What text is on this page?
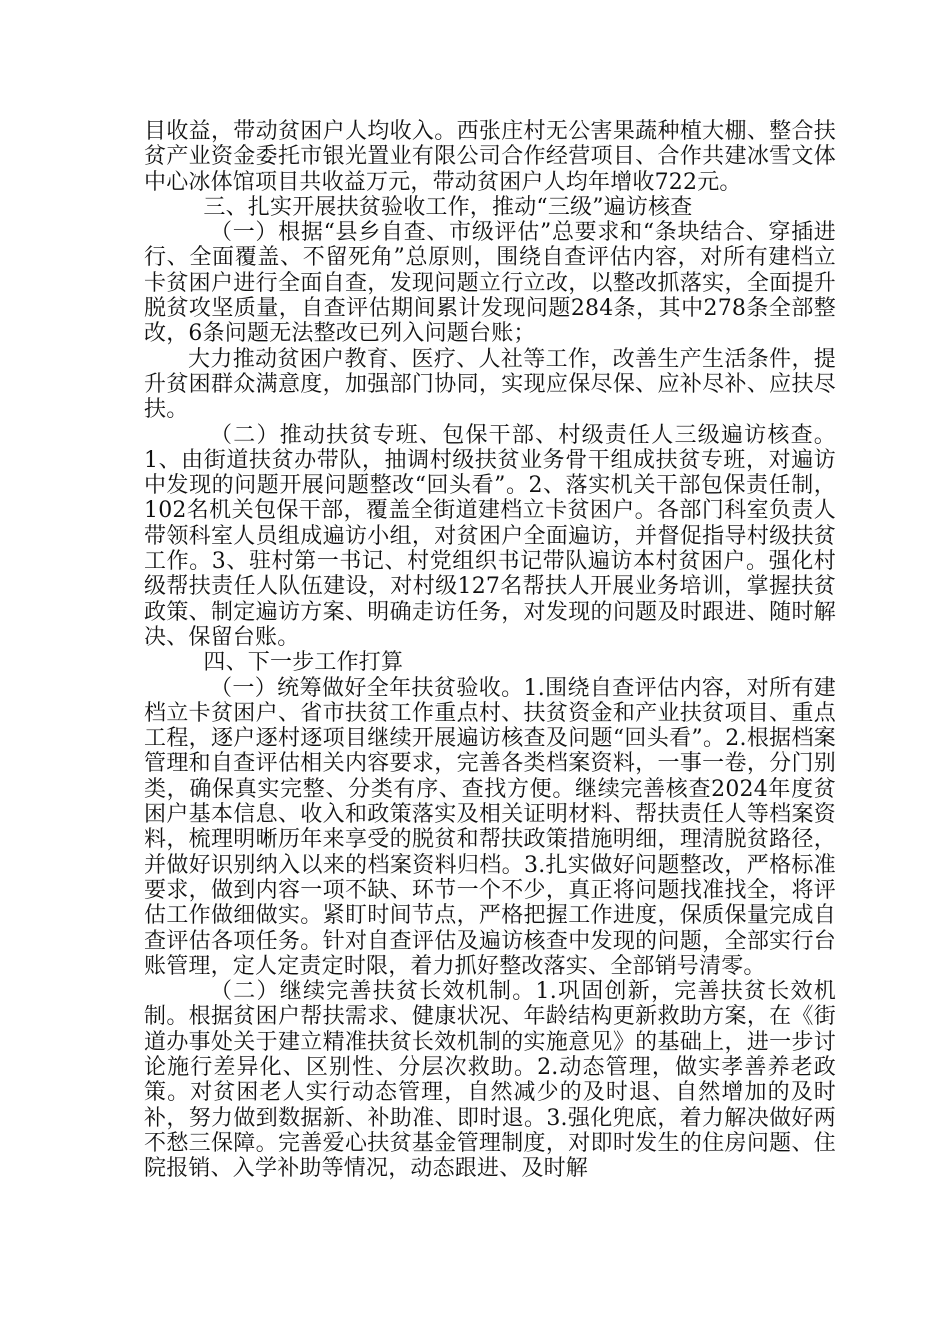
目收益，带动贫困户人均收入。西张庄村无公害果蔬种植大棚、整合扶贫产业资金委托市银光置业有限公司合作经营项目、合作共建冰雪文体中心冰体馆项目共收益万元，带动贫困户人均年增收722元。

三、扎实开展扶贫验收工作，推动“三级”遍访核查

（一）根据“县乡自查、市级评估”总要求和“条块结合、穿插进行、全面覆盖、不留死角”总原则，围绕自查评估内容，对所有建档立卡贫困户进行全面自查，发现问题立行立改，以整改抓落实，全面提升脱贫攻坚质量，自查评估期间累计发现问题284条，其中278条全部整改，6条问题无法整改已列入问题台账；

大力推动贫困户教育、医疗、人社等工作，改善生产生活条件，提升贫困群众满意度，加强部门协同，实现应保尽保、应补尽补、应扶尽扶。

（二）推动扶贫专班、包保干部、村级责任人三级遍访核查。1、由街道扶贫办带队，抽调村级扶贫业务骨干组成扶贫专班，对遍访中发现的问题开展问题整改“回头看”。2、落实机关干部包保责任制，102名机关包保干部，覆盖全街道建档立卡贫困户。各部门科室负责人带领科室人员组成遍访小组，对贫困户全面遍访，并督促指导村级扶贫工作。3、驻村第一书记、村党组织书记带队遍访本村贫困户。强化村级帮扶责任人队伍建设，对村级127名帮扶人开展业务培训，掌握扶贫政策、制定遍访方案、明确走访任务，对发现的问题及时跟进、随时解决、保留台账。

四、下一步工作打算

（一）统筹做好全年扶贫验收。1.围绕自查评估内容，对所有建档立卡贫困户、省市扶贫工作重点村、扶贫资金和产业扶贫项目、重点工程，逐户逐村逐项目继续开展遍访核查及问题“回头看”。2.根据档案管理和自查评估相关内容要求，完善各类档案资料，一事一卷，分门别类，确保真实完整、分类有序、查找方便。继续完善核查2024年度贫困户基本信息、收入和政策落实及相关证明材料、帮扶责任人等档案资料，梳理明晰历年来享受的脱贫和帮扶政策措施明细，理清脱贫路径，并做好识别纳入以来的档案资料归档。3.扎实做好问题整改，严格标准要求，做到内容一项不缺、环节一个不少，真正将问题找准找全，将评估工作做细做实。紧盯时间节点，严格把握工作进度，保质保量完成自查评估各项任务。针对自查评估及遍访核查中发现的问题，全部实行台账管理，定人定责定时限，着力抓好整改落实、全部销号清零。

（二）继续完善扶贫长效机制。1.巩固创新，完善扶贫长效机制。根据贫困户帮扶需求、健康状况、年龄结构更新救助方案，在《街道办事处关于建立精准扶贫长效机制的实施意见》的基础上，进一步讨论施行差异化、区别性、分层次救助。2.动态管理，做实孝善养老政策。对贫困老人实行动态管理，自然减少的及时退、自然增加的及时补，努力做到数据新、补助准、即时退。3.强化兜底，着力解决做好两不愁三保障。完善爱心扶贫基金管理制度，对即时发生的住房问题、住院报销、入学补助等情况，动态跟进、及时解
